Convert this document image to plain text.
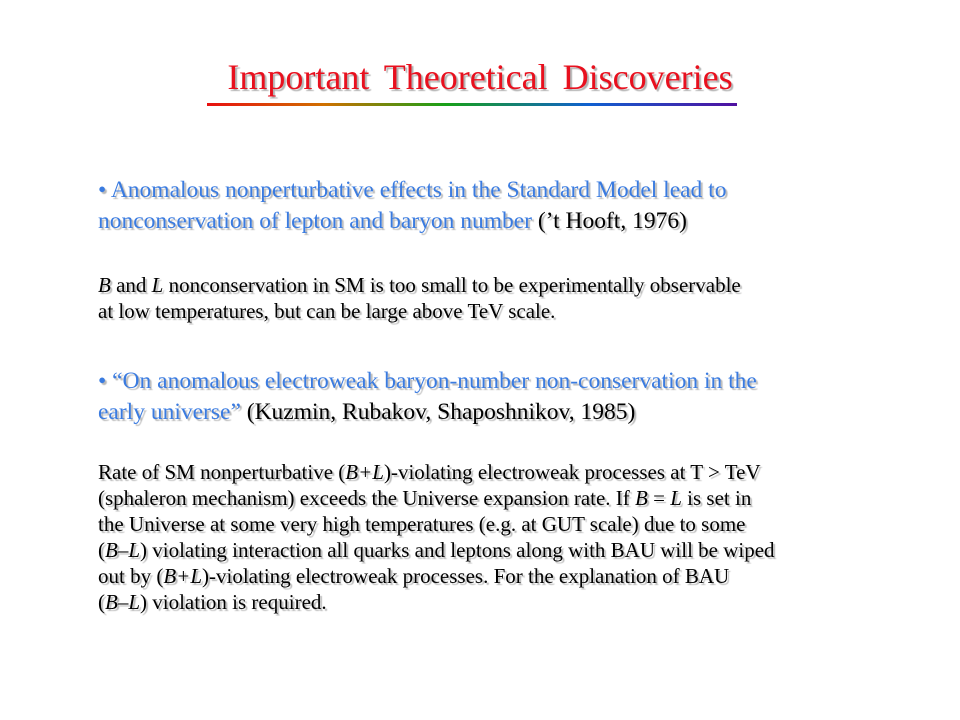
Important Theoretical Discoveries

• Anomalous nonperturbative effects in the Standard Model lead to
nonconservation of lepton and baryon number (’t Hooft, 1976)

B and L nonconservation in SM is too small to be experimentally observable
at low temperatures, but can be large above TeV scale.

• “On anomalous electroweak baryon-number non-conservation in the
early universe” (Kuzmin, Rubakov, Shaposhnikov, 1985)

Rate of SM nonperturbative (B+L)-violating electroweak processes at T > TeV
(sphaleron mechanism) exceeds the Universe expansion rate. If B = L is set in
the Universe at some very high temperatures (e.g. at GUT scale) due to some
(B–L) violating interaction all quarks and leptons along with BAU will be wiped
out by (B+L)-violating electroweak processes. For the explanation of BAU
(B–L) violation is required.
